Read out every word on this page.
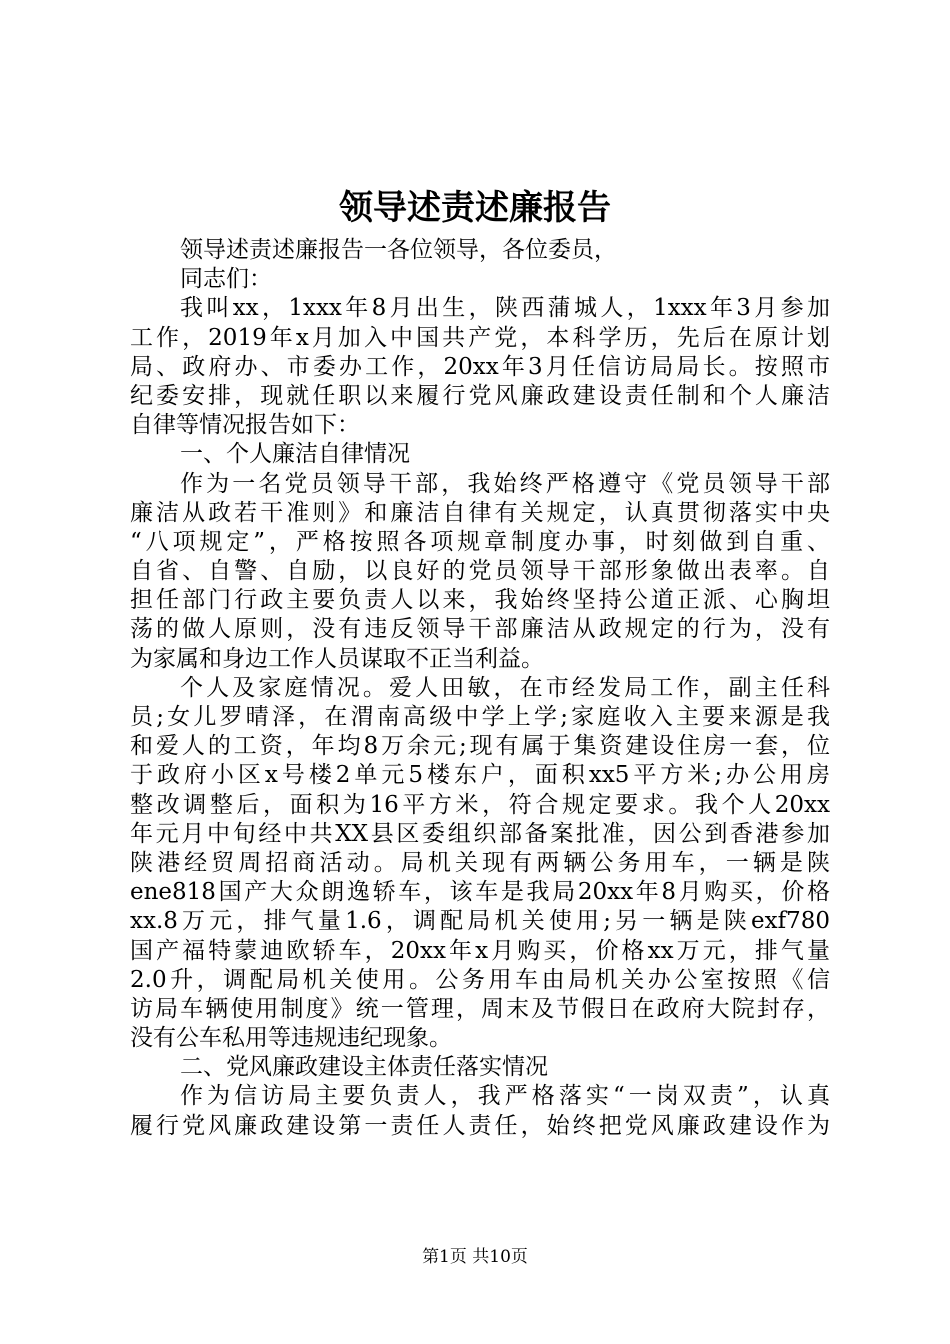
领导述责述廉报告
领导述责述廉报告一各位领导，各位委员，
同志们：
我叫xx，1xxx年8月出生，陕西蒲城人，1xxx年3月参加
工作，2019年x月加入中国共产党，本科学历，先后在原计划
局、政府办、市委办工作，20xx年3月任信访局局长。按照市
纪委安排，现就任职以来履行党风廉政建设责任制和个人廉洁
自律等情况报告如下：
一、个人廉洁自律情况
作为一名党员领导干部，我始终严格遵守《党员领导干部
廉洁从政若干准则》和廉洁自律有关规定，认真贯彻落实中央
“八项规定”，严格按照各项规章制度办事，时刻做到自重、
自省、自警、自励，以良好的党员领导干部形象做出表率。自
担任部门行政主要负责人以来，我始终坚持公道正派、心胸坦
荡的做人原则，没有违反领导干部廉洁从政规定的行为，没有
为家属和身边工作人员谋取不正当利益。
个人及家庭情况。爱人田敏，在市经发局工作，副主任科
员;女儿罗晴泽，在渭南高级中学上学;家庭收入主要来源是我
和爱人的工资，年均8万余元;现有属于集资建设住房一套，位
于政府小区x号楼2单元5楼东户，面积xx5平方米;办公用房
整改调整后，面积为16平方米，符合规定要求。我个人20xx
年元月中旬经中共XX县区委组织部备案批准，因公到香港参加
陕港经贸周招商活动。局机关现有两辆公务用车，一辆是陕
ene818国产大众朗逸轿车，该车是我局20xx年8月购买，价格
xx.8万元，排气量1.6，调配局机关使用;另一辆是陕exf780
国产福特蒙迪欧轿车，20xx年x月购买，价格xx万元，排气量
2.0升，调配局机关使用。公务用车由局机关办公室按照《信
访局车辆使用制度》统一管理，周末及节假日在政府大院封存，
没有公车私用等违规违纪现象。
二、党风廉政建设主体责任落实情况
作为信访局主要负责人，我严格落实“一岗双责”，认真
履行党风廉政建设第一责任人责任，始终把党风廉政建设作为
第1页 共10页
